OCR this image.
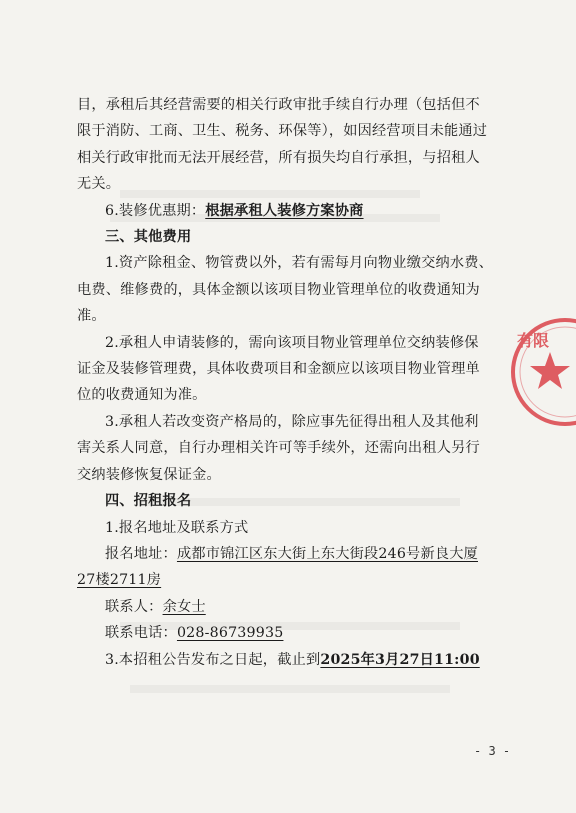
目，承租后其经营需要的相关行政审批手续自行办理（包括但不
限于消防、工商、卫生、税务、环保等），如因经营项目未能通过
相关行政审批而无法开展经营，所有损失均自行承担，与招租人
无关。

6.装修优惠期：根据承租人装修方案协商

三、其他费用

1.资产除租金、物管费以外，若有需每月向物业缴交纳水费、
电费、维修费的，具体金额以该项目物业管理单位的收费通知为
准。

2.承租人申请装修的，需向该项目物业管理单位交纳装修保
证金及装修管理费，具体收费项目和金额应以该项目物业管理单
位的收费通知为准。

3.承租人若改变资产格局的，除应事先征得出租人及其他利
害关系人同意，自行办理相关许可等手续外，还需向出租人另行
交纳装修恢复保证金。

四、招租报名

1.报名地址及联系方式

报名地址：成都市锦江区东大街上东大街段246号新良大厦
27楼2711房

联系人：余女士

联系电话：028-86739935

3.本招租公告发布之日起，截止到2025年3月27日11:00

- 3 -
有限
